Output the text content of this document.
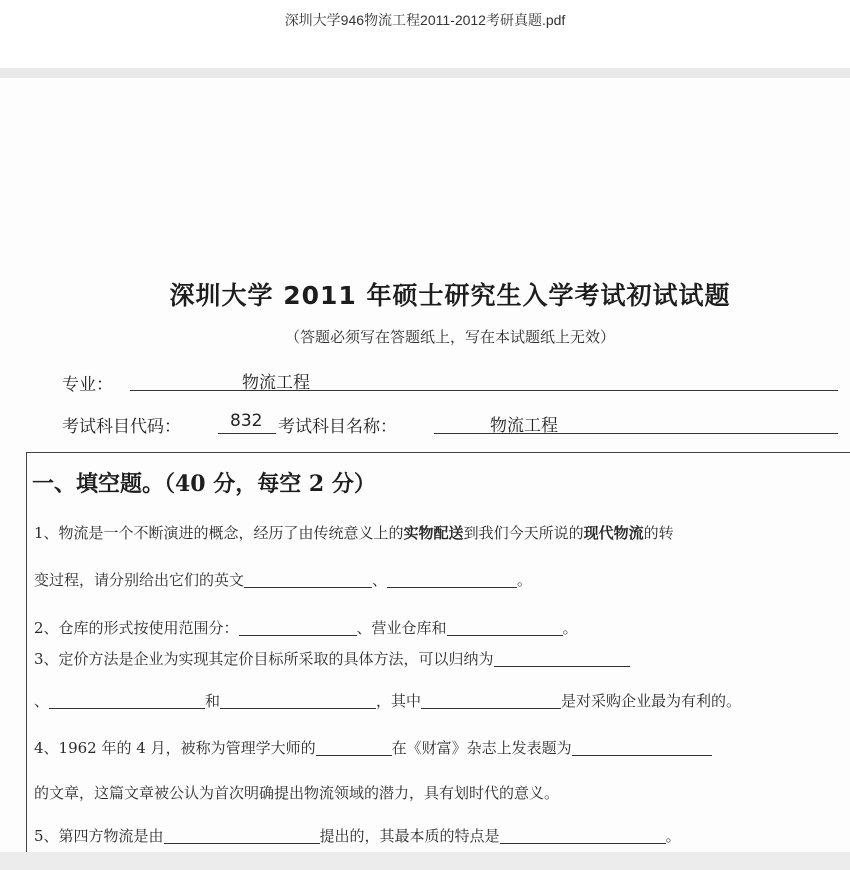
深圳大学946物流工程2011-2012考研真题.pdf
深圳大学 2011 年硕士研究生入学考试初试试题
（答题必须写在答题纸上，写在本试题纸上无效）
专业：	物流工程
考试科目代码：	832 考试科目名称：	物流工程
一、填空题。（40 分，每空 2 分）
1、物流是一个不断演进的概念，经历了由传统意义上的实物配送到我们今天所说的现代物流的转
变过程，请分别给出它们的英文	、	。
2、仓库的形式按使用范围分：	、营业仓库和	。
3、定价方法是企业为实现其定价目标所采取的具体方法，可以归纳为
、	和	，其中	是对采购企业最为有利的。
4、1962 年的 4 月，被称为管理学大师的	在《财富》杂志上发表题为
的文章，这篇文章被公认为首次明确提出物流领域的潜力，具有划时代的意义。
5、第四方物流是由	提出的，其最本质的特点是	。
